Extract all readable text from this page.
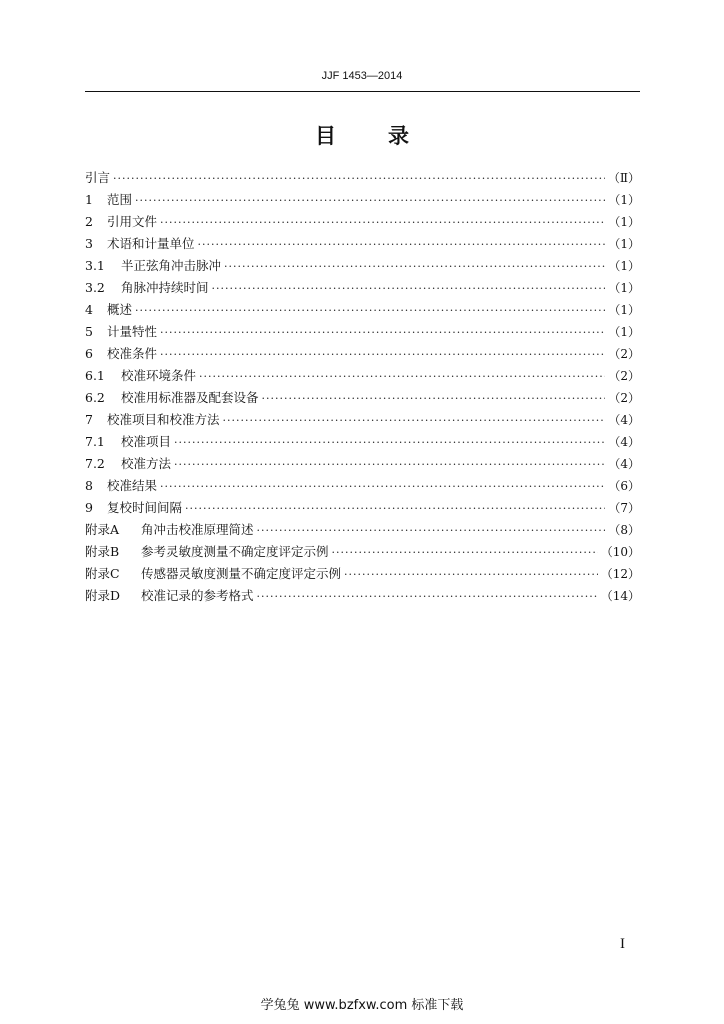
JJF 1453—2014
目录
引言 ·····	（Ⅱ）
1	范围 ·····	（1）
2	引用文件 ·····	（1）
3	术语和计量单位 ·····	（1）
3.1	半正弦角冲击脉冲 ·····	（1）
3.2	角脉冲持续时间 ·····	（1）
4	概述 ·····	（1）
5	计量特性 ·····	（1）
6	校准条件 ·····	（2）
6.1	校准环境条件 ·····	（2）
6.2	校准用标准器及配套设备 ·····	（2）
7	校准项目和校准方法 ·····	（4）
7.1	校准项目 ·····	（4）
7.2	校准方法 ·····	（4）
8	校准结果 ·····	（6）
9	复校时间间隔 ·····	（7）
附录A	角冲击校准原理简述 ·····	（8）
附录B	参考灵敏度测量不确定度评定示例 ·····	（10）
附录C	传感器灵敏度测量不确定度评定示例 ·····	（12）
附录D	校准记录的参考格式 ·····	（14）
I
学兔兔 www.bzfxw.com 标准下载
